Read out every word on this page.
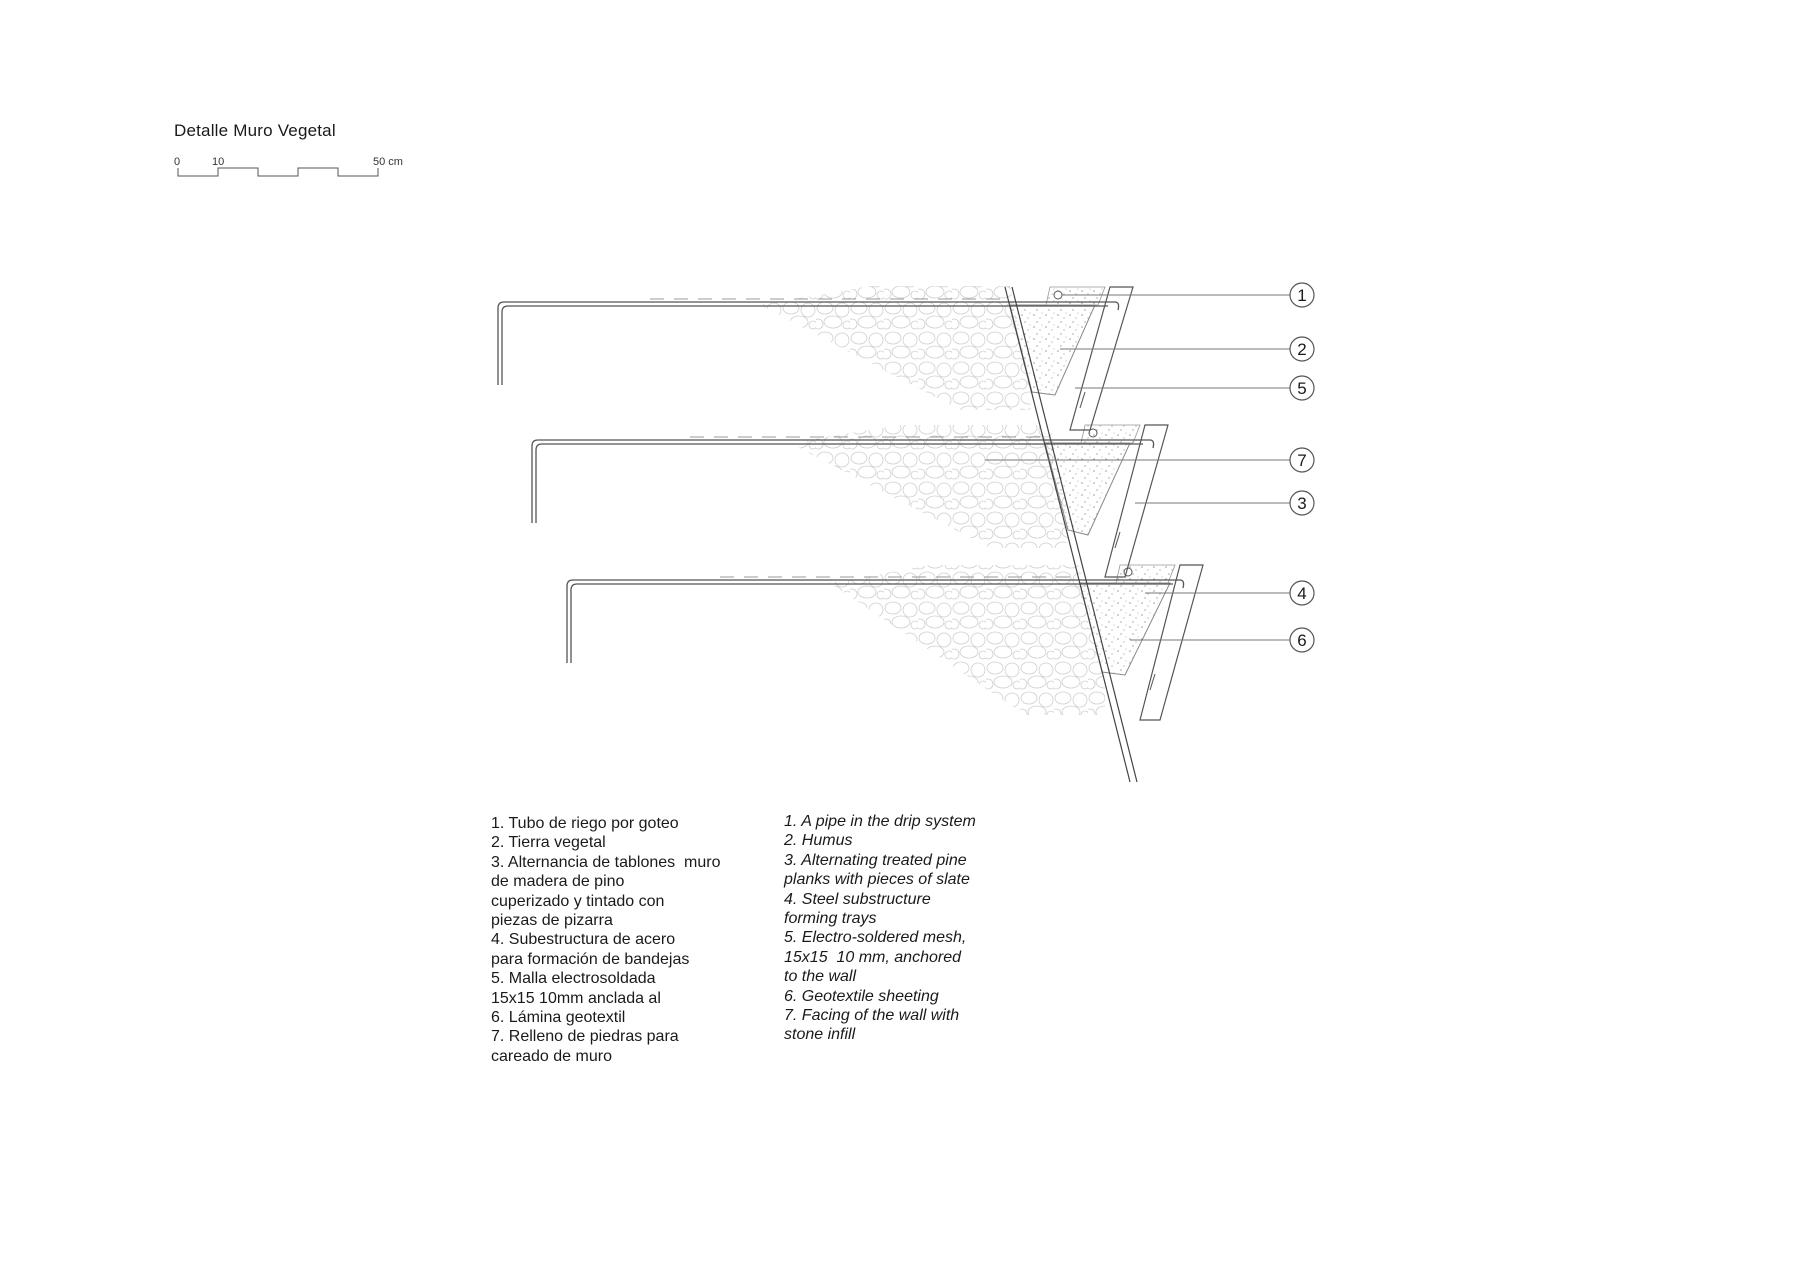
Detalle Muro Vegetal
0	10	50 cm
1
2
5
7
3
4
6
1. Tubo de riego por goteo
2. Tierra vegetal
3. Alternancia de tablones  muro
de madera de pino
cuperizado y tintado con
piezas de pizarra
4. Subestructura de acero
para formación de bandejas
5. Malla electrosoldada
15x15 10mm anclada al
6. Lámina geotextil
7. Relleno de piedras para
careado de muro
1. A pipe in the drip system
2. Humus
3. Alternating treated pine
planks with pieces of slate
4. Steel substructure
forming trays
5. Electro-soldered mesh,
15x15  10 mm, anchored
to the wall
6. Geotextile sheeting
7. Facing of the wall with
stone infill
